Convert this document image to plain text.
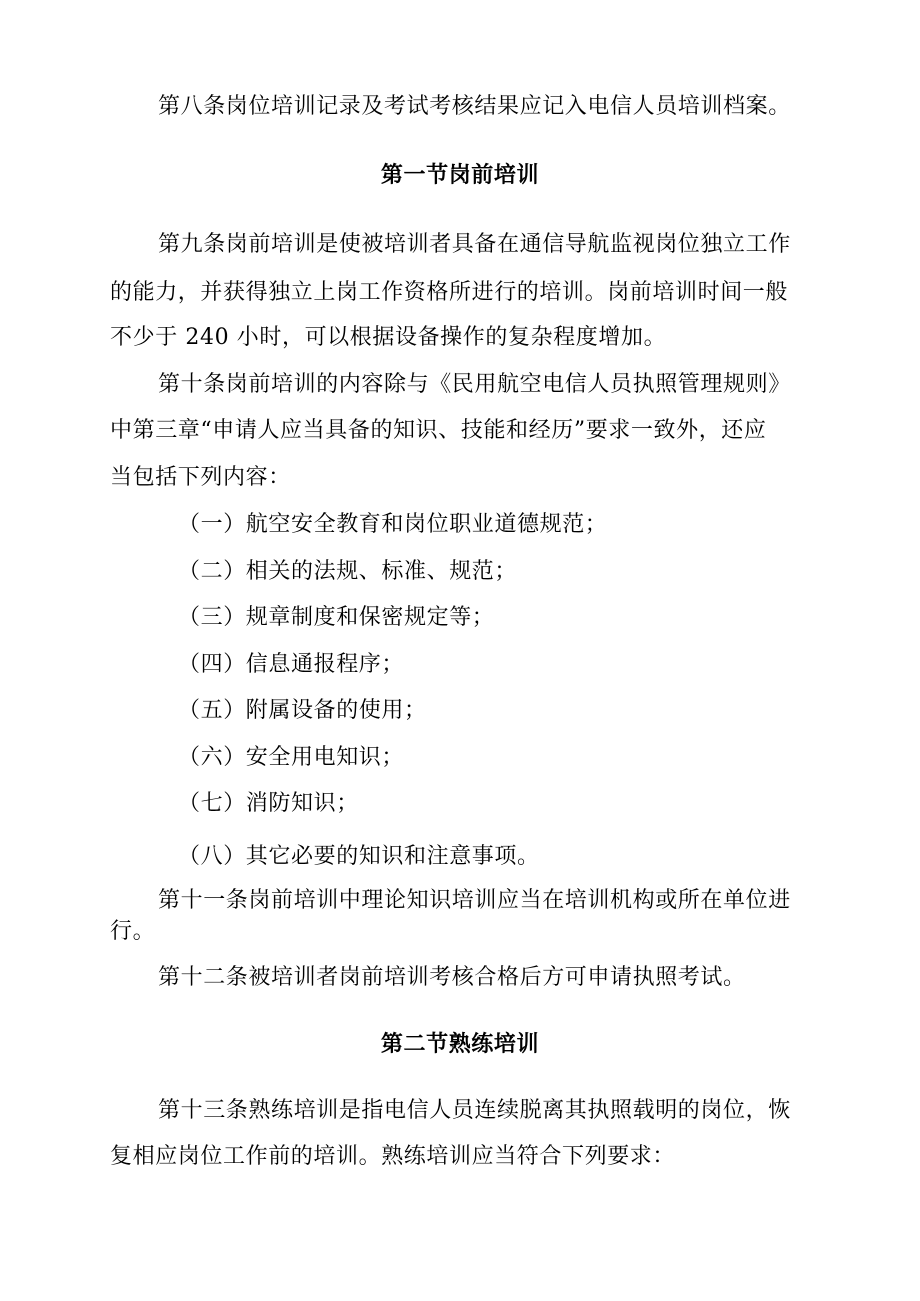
第八条岗位培训记录及考试考核结果应记入电信人员培训档案。
第一节岗前培训
第九条岗前培训是使被培训者具备在通信导航监视岗位独立工作
的能力，并获得独立上岗工作资格所进行的培训。岗前培训时间一般
不少于 240 小时，可以根据设备操作的复杂程度增加。
第十条岗前培训的内容除与《民用航空电信人员执照管理规则》
中第三章“申请人应当具备的知识、技能和经历”要求一致外，还应
当包括下列内容：
（一）航空安全教育和岗位职业道德规范；
（二）相关的法规、标准、规范；
（三）规章制度和保密规定等；
（四）信息通报程序；
（五）附属设备的使用；
（六）安全用电知识；
（七）消防知识；
（八）其它必要的知识和注意事项。
第十一条岗前培训中理论知识培训应当在培训机构或所在单位进
行。
第十二条被培训者岗前培训考核合格后方可申请执照考试。
第二节熟练培训
第十三条熟练培训是指电信人员连续脱离其执照载明的岗位，恢
复相应岗位工作前的培训。熟练培训应当符合下列要求：
